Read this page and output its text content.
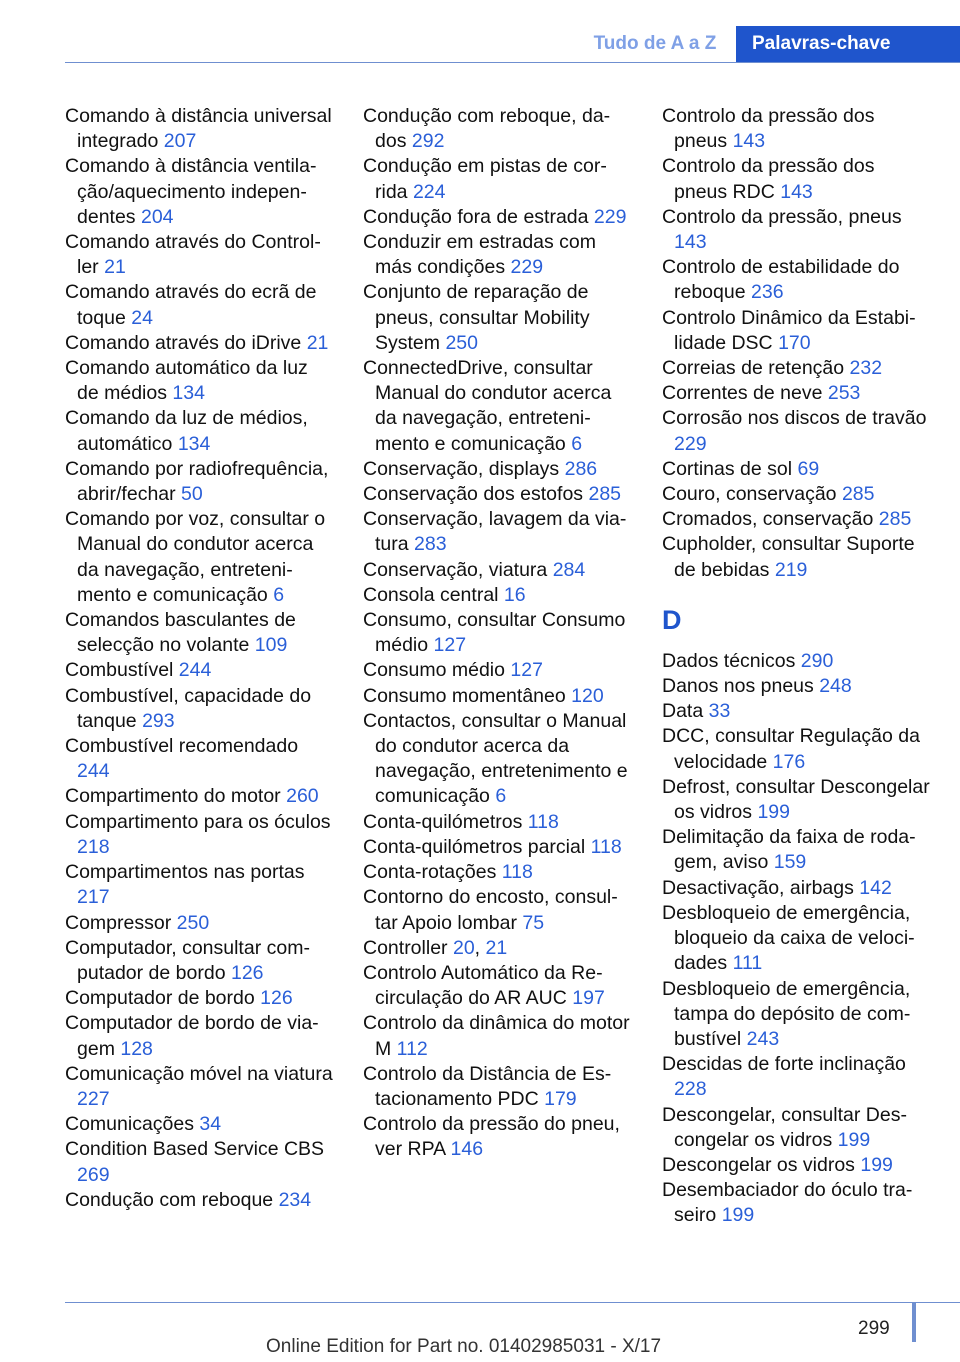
Tudo de A a Z	Palavras-chave
Comando à distância universal integrado 207
Comando à distância ventilação/aquecimento independentes 204
Comando através do Controller 21
Comando através do ecrã de toque 24
Comando através do iDrive 21
Comando automático da luz de médios 134
Comando da luz de médios, automático 134
Comando por radiofrequência, abrir/fechar 50
Comando por voz, consultar o Manual do condutor acerca da navegação, entretenimento e comunicação 6
Comandos basculantes de selecção no volante 109
Combustível 244
Combustível, capacidade do tanque 293
Combustível recomendado 244
Compartimento do motor 260
Compartimento para os óculos 218
Compartimentos nas portas 217
Compressor 250
Computador, consultar computador de bordo 126
Computador de bordo 126
Computador de bordo de viagem 128
Comunicação móvel na viatura 227
Comunicações 34
Condition Based Service CBS 269
Condução com reboque 234
Condução com reboque, dados 292
Condução em pistas de corrida 224
Condução fora de estrada 229
Conduzir em estradas com más condições 229
Conjunto de reparação de pneus, consultar Mobility System 250
ConnectedDrive, consultar Manual do condutor acerca da navegação, entretenimento e comunicação 6
Conservação, displays 286
Conservação dos estofos 285
Conservação, lavagem da viatura 283
Conservação, viatura 284
Consola central 16
Consumo, consultar Consumo médio 127
Consumo médio 127
Consumo momentâneo 120
Contactos, consultar o Manual do condutor acerca da navegação, entretenimento e comunicação 6
Conta-quilómetros 118
Conta-quilómetros parcial 118
Conta-rotações 118
Contorno do encosto, consultar Apoio lombar 75
Controller 20, 21
Controlo Automático da Recirculação do AR AUC 197
Controlo da dinâmica do motor M 112
Controlo da Distância de Estacionamento PDC 179
Controlo da pressão do pneu, ver RPA 146
Controlo da pressão dos pneus 143
Controlo da pressão dos pneus RDC 143
Controlo da pressão, pneus 143
Controlo de estabilidade do reboque 236
Controlo Dinâmico da Estabilidade DSC 170
Correias de retenção 232
Correntes de neve 253
Corrosão nos discos de travão 229
Cortinas de sol 69
Couro, conservação 285
Cromados, conservação 285
Cupholder, consultar Suporte de bebidas 219
D
Dados técnicos 290
Danos nos pneus 248
Data 33
DCC, consultar Regulação da velocidade 176
Defrost, consultar Descongelar os vidros 199
Delimitação da faixa de rodagem, aviso 159
Desactivação, airbags 142
Desbloqueio de emergência, bloqueio da caixa de velocidades 111
Desbloqueio de emergência, tampa do depósito de combustível 243
Descidas de forte inclinação 228
Descongelar, consultar Descongelar os vidros 199
Descongelar os vidros 199
Desembaciador do óculo traseiro 199
299
Online Edition for Part no. 01402985031 - X/17
